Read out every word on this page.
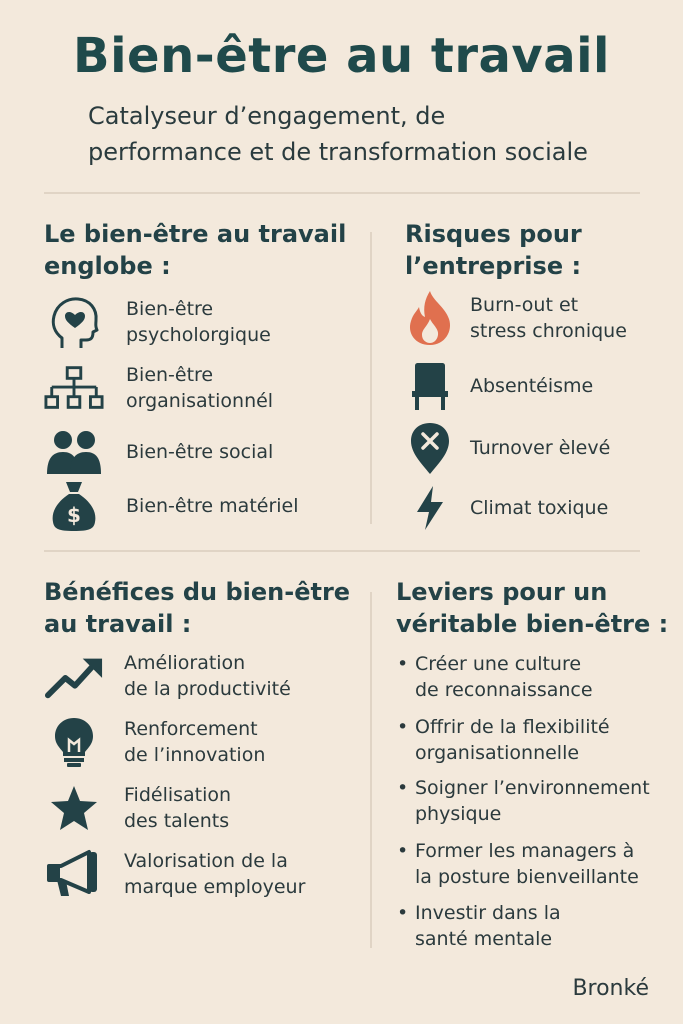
Bien-être au travail
Catalyseur d’engagement, de
performance et de transformation sociale
Le bien-être au travail
englobe :
Bien-être
psycholorgique
Bien-être
organisationnél
Bien-être social
$ Bien-être matériel
Risques pour
l’entreprise :
Burn-out et
stress chronique
Absentéisme
Turnover èlevé
Climat toxique
Bénéfices du bien-être
au travail :
Amélioration
de la productivité
Renforcement
de l’innovation
Fidélisation
des talents
Valorisation de la
marque employeur
Leviers pour un
véritable bien-être :
• Créer une culture
de reconnaissance
• Offrir de la flexibilité
organisationnelle
• Soigner l’environnement
physique
• Former les managers à
la posture bienveillante
• Investir dans la
santé mentale
Bronké
